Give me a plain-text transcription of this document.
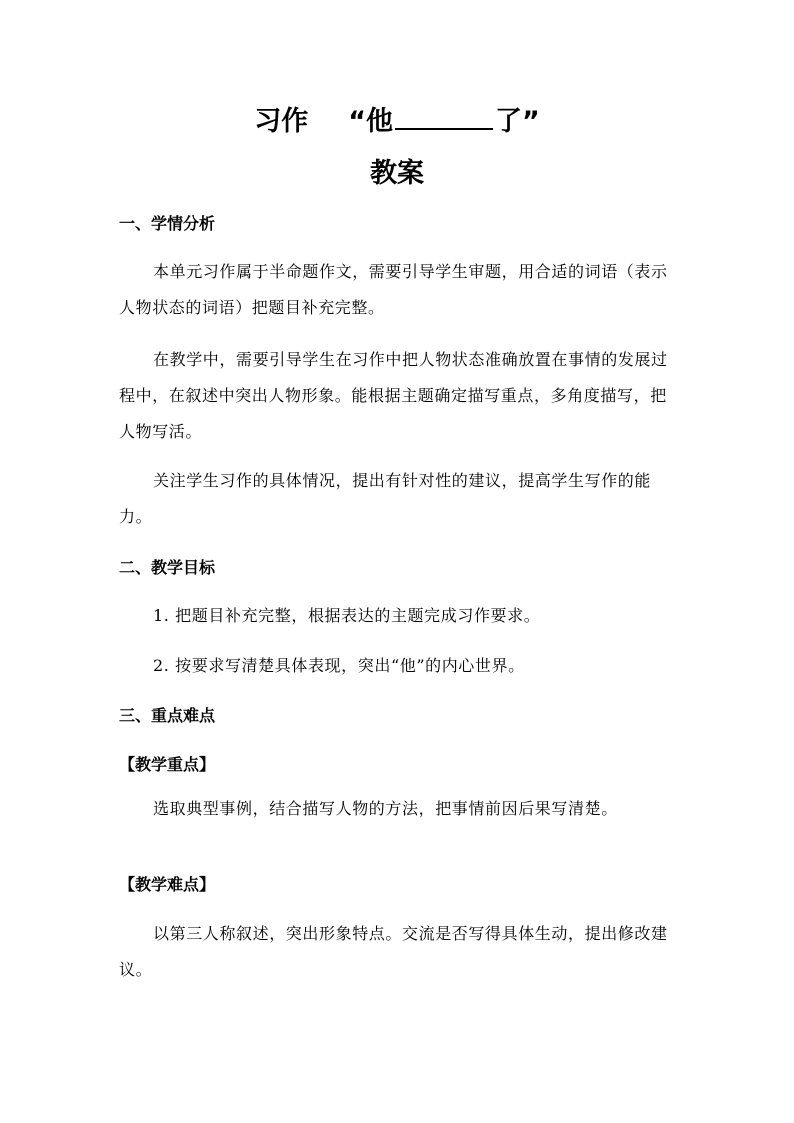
习作 “他	了”
教案
一、学情分析

本单元习作属于半命题作文，需要引导学生审题，用合适的词语（表示人物状态的词语）把题目补充完整。

在教学中，需要引导学生在习作中把人物状态准确放置在事情的发展过程中，在叙述中突出人物形象。能根据主题确定描写重点，多角度描写，把人物写活。

关注学生习作的具体情况，提出有针对性的建议，提高学生写作的能力。

二、教学目标

1. 把题目补充完整，根据表达的主题完成习作要求。

2. 按要求写清楚具体表现，突出“他”的内心世界。

三、重点难点

【教学重点】

选取典型事例，结合描写人物的方法，把事情前因后果写清楚。

【教学难点】

以第三人称叙述，突出形象特点。交流是否写得具体生动，提出修改建议。
